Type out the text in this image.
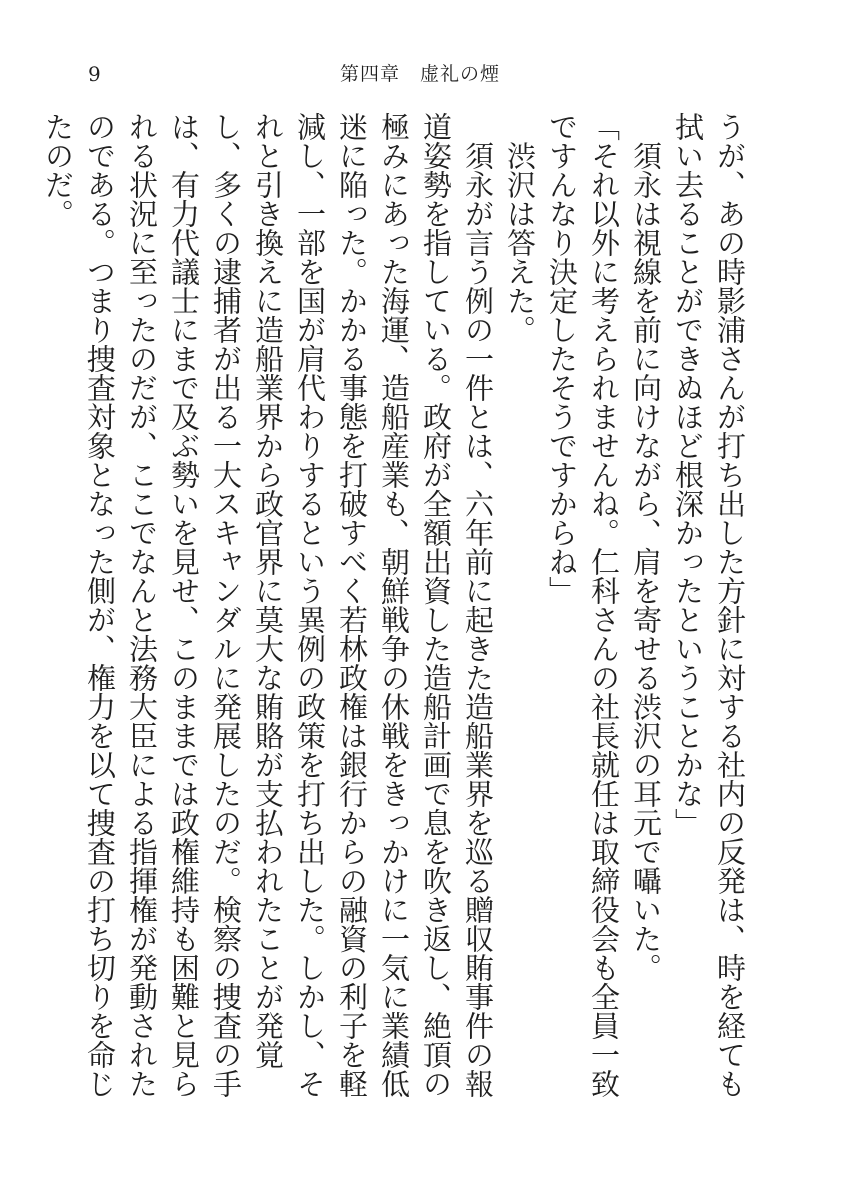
9	第四章　虚礼の煙

うが、あの時影浦さんが打ち出した方針に対する社内の反発は、時を経ても拭い去ることができぬほど根深かったということかな」

須永は視線を前に向けながら、肩を寄せる渋沢の耳元で囁いた。

「それ以外に考えられませんね。仁科さんの社長就任は取締役会も全員一致ですんなり決定したそうですからね」

渋沢は答えた。

須永が言う例の一件とは、六年前に起きた造船業界を巡る贈収賄事件の報道姿勢を指している。政府が全額出資した造船計画で息を吹き返し、絶頂の極みにあった海運、造船産業も、朝鮮戦争の休戦をきっかけに一気に業績低迷に陥った。かかる事態を打破すべく若林政権は銀行からの融資の利子を軽減し、一部を国が肩代わりするという異例の政策を打ち出した。しかし、それと引き換えに造船業界から政官界に莫大な賄賂が支払われたことが発覚し、多くの逮捕者が出る一大スキャンダルに発展したのだ。検察の捜査の手は、有力代議士にまで及ぶ勢いを見せ、このままでは政権維持も困難と見られる状況に至ったのだが、ここでなんと法務大臣による指揮権が発動されたのである。つまり捜査対象となった側が、権力を以て捜査の打ち切りを命じたのだ。
